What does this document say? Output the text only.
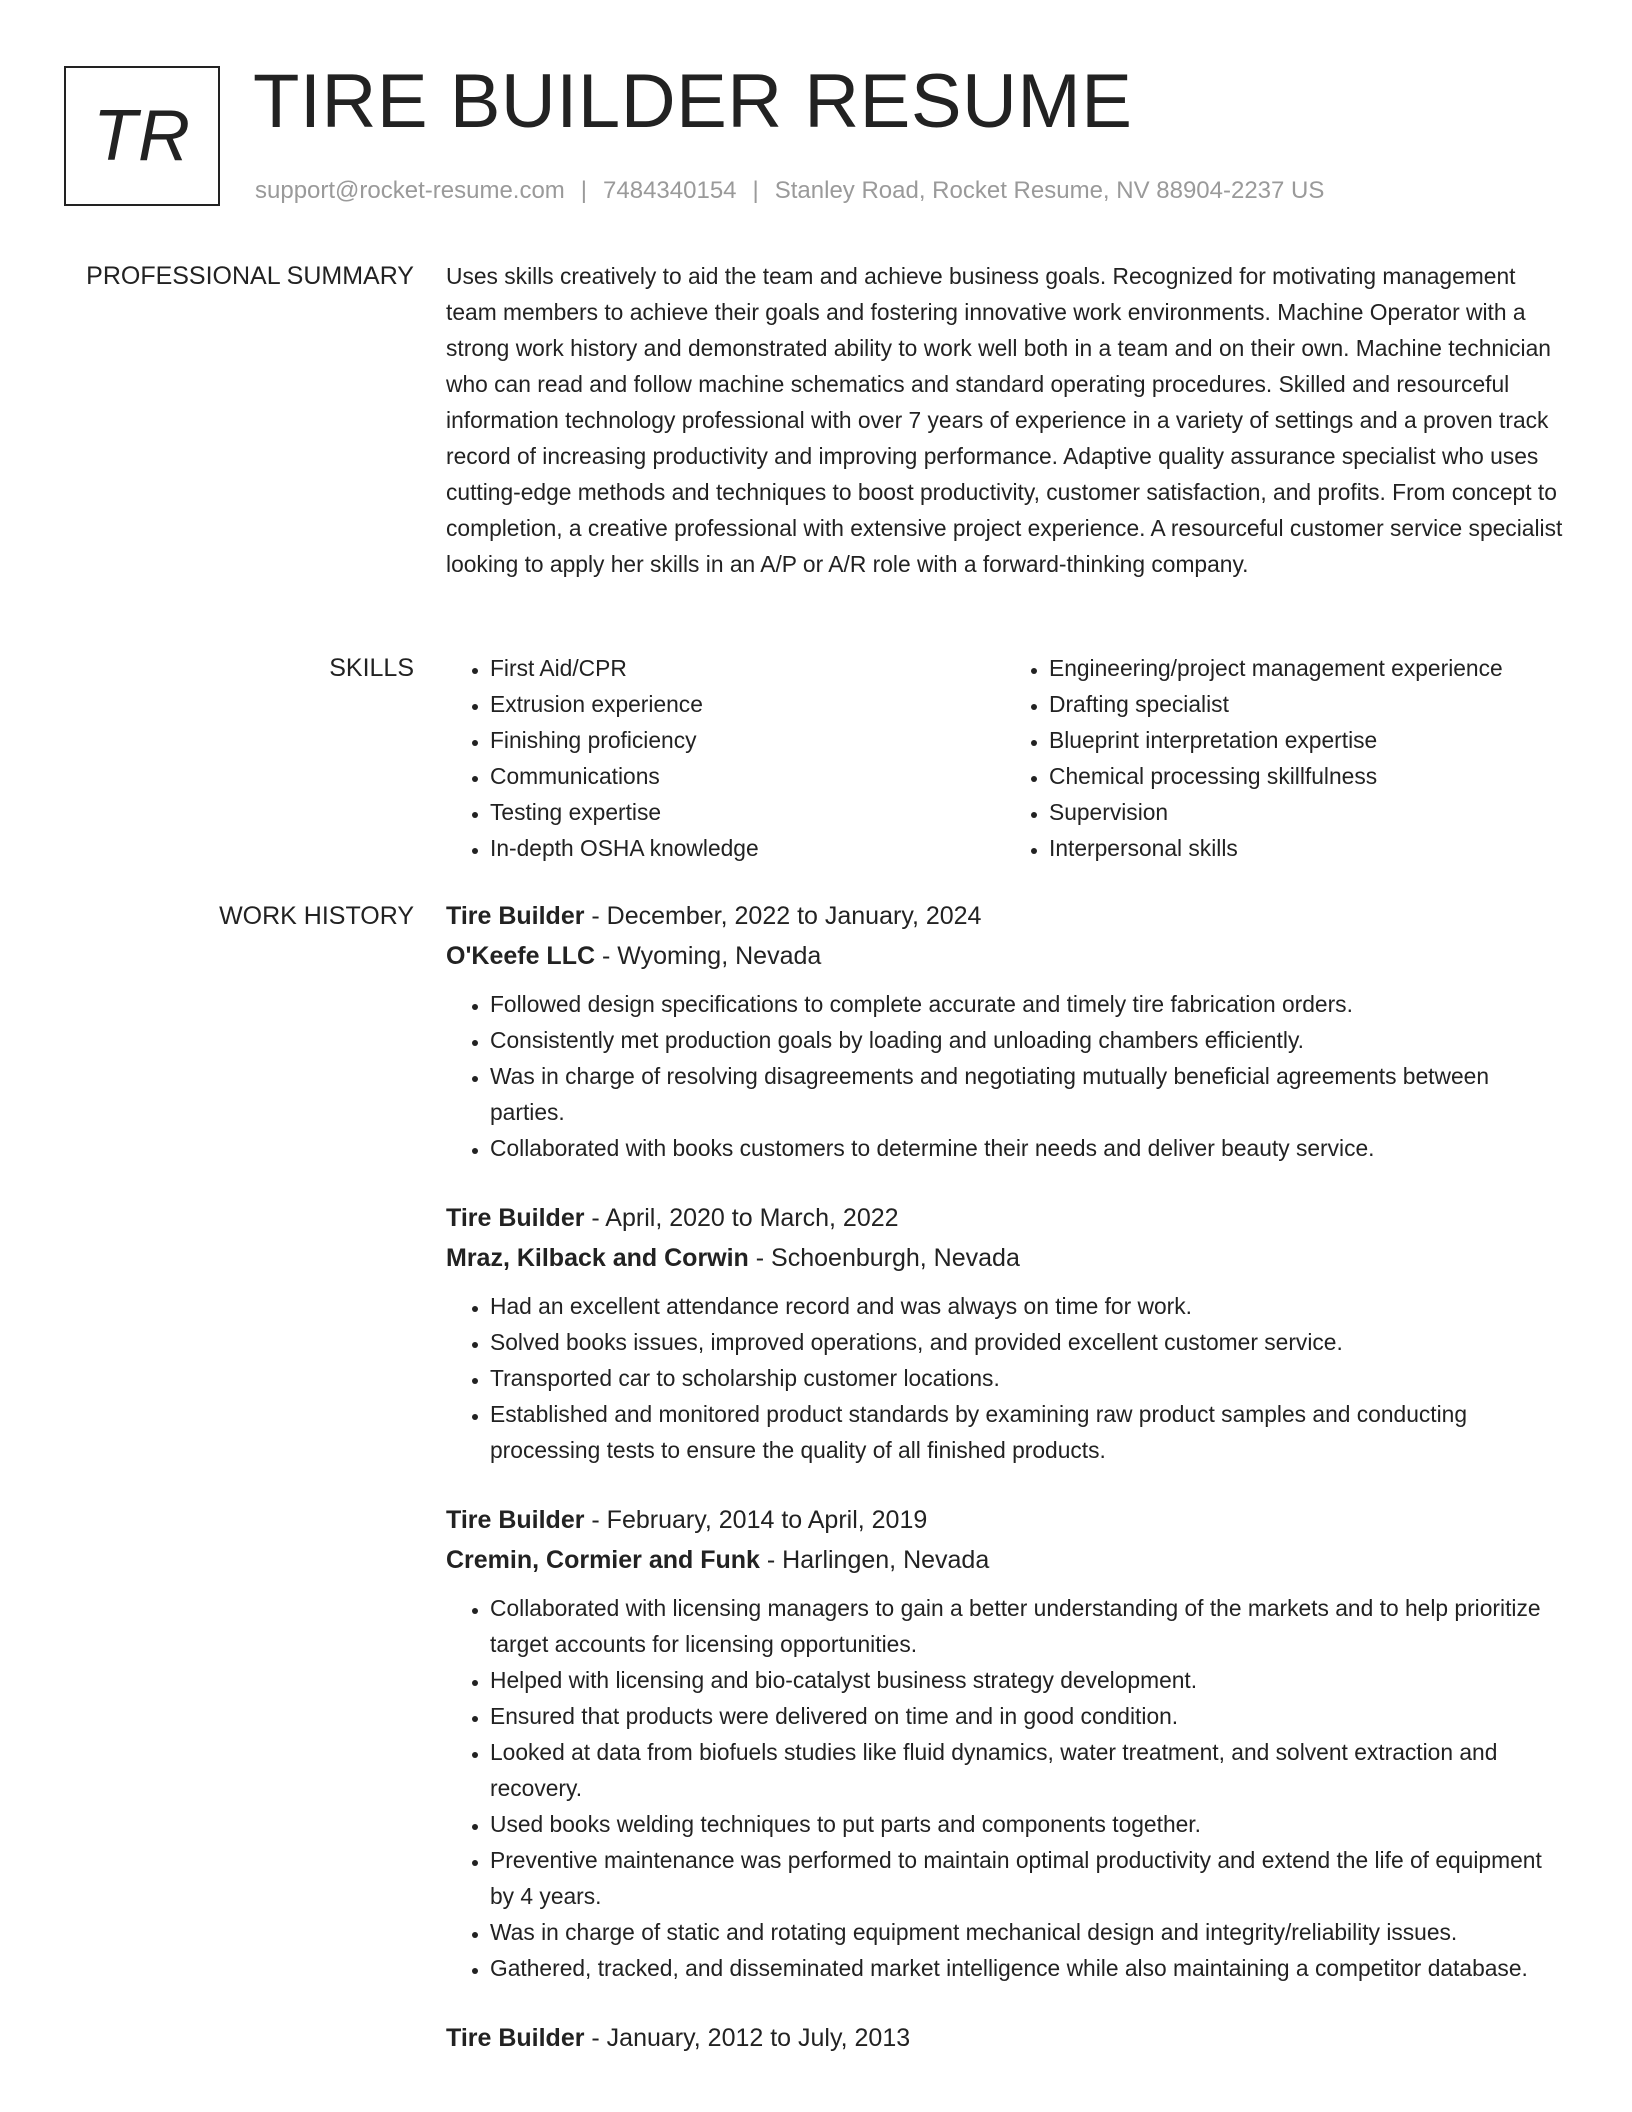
TR TIRE BUILDER RESUME
support@rocket-resume.com | 7484340154 | Stanley Road, Rocket Resume, NV 88904-2237 US
PROFESSIONAL SUMMARY Uses skills creatively to aid the team and achieve business goals. Recognized for motivating management team members to achieve their goals and fostering innovative work environments. Machine Operator with a strong work history and demonstrated ability to work well both in a team and on their own. Machine technician who can read and follow machine schematics and standard operating procedures. Skilled and resourceful information technology professional with over 7 years of experience in a variety of settings and a proven track record of increasing productivity and improving performance. Adaptive quality assurance specialist who uses cutting-edge methods and techniques to boost productivity, customer satisfaction, and profits. From concept to completion, a creative professional with extensive project experience. A resourceful customer service specialist looking to apply her skills in an A/P or A/R role with a forward-thinking company.

SKILLS
•	First Aid/CPR
• Extrusion experience
• Finishing proficiency
• Communications
• Testing expertise
• In-depth OSHA knowledge
• Engineering/project management experience
• Drafting specialist
• Blueprint interpretation expertise
• Chemical processing skillfulness
• Supervision
• Interpersonal skills
WORK HISTORY Tire Builder - December, 2022 to January, 2024
O'Keefe LLC - Wyoming, Nevada
• Followed design specifications to complete accurate and timely tire fabrication orders.
• Consistently met production goals by loading and unloading chambers efficiently.
• Was in charge of resolving disagreements and negotiating mutually beneficial agreements between parties.
• Collaborated with books customers to determine their needs and deliver beauty service.
Tire Builder - April, 2020 to March, 2022
Mraz, Kilback and Corwin - Schoenburgh, Nevada
• Had an excellent attendance record and was always on time for work.
• Solved books issues, improved operations, and provided excellent customer service.
• Transported car to scholarship customer locations.
• Established and monitored product standards by examining raw product samples and conducting processing tests to ensure the quality of all finished products.
Tire Builder - February, 2014 to April, 2019
Cremin, Cormier and Funk - Harlingen, Nevada
• Collaborated with licensing managers to gain a better understanding of the markets and to help prioritize target accounts for licensing opportunities.
• Helped with licensing and bio-catalyst business strategy development.
• Ensured that products were delivered on time and in good condition.
• Looked at data from biofuels studies like fluid dynamics, water treatment, and solvent extraction and recovery.
• Used books welding techniques to put parts and components together.
• Preventive maintenance was performed to maintain optimal productivity and extend the life of equipment by 4 years.
• Was in charge of static and rotating equipment mechanical design and integrity/reliability issues.
• Gathered, tracked, and disseminated market intelligence while also maintaining a competitor database.
Tire Builder - January, 2012 to July, 2013
